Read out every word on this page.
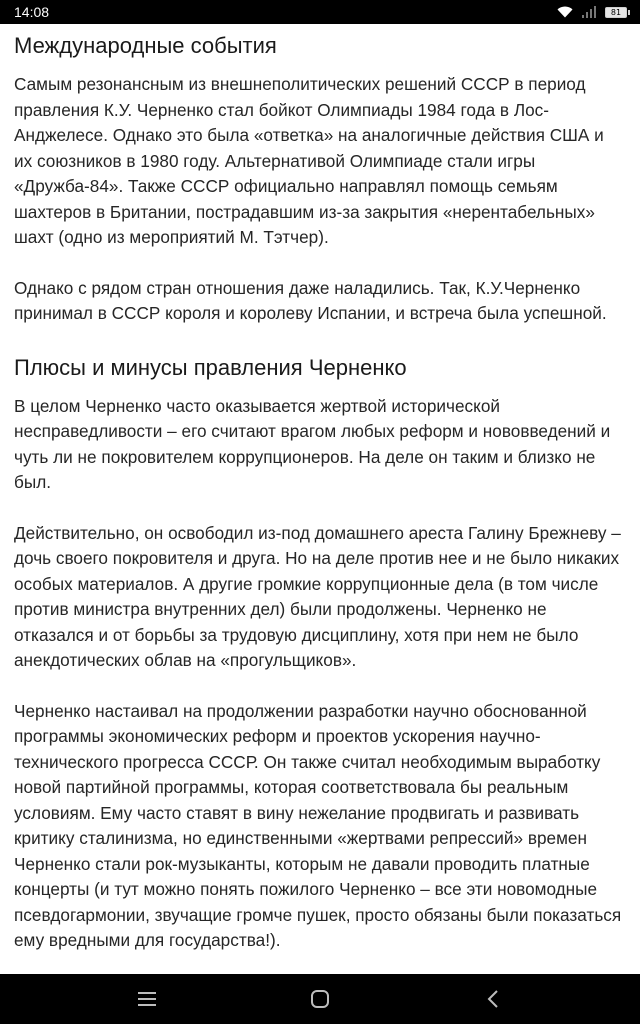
14:08	81
Международные события

Самым резонансным из внешнеполитических решений СССР в период правления К.У. Черненко стал бойкот Олимпиады 1984 года в Лос-Анджелесе. Однако это была «ответка» на аналогичные действия США и их союзников в 1980 году. Альтернативой Олимпиаде стали игры «Дружба-84». Также СССР официально направлял помощь семьям шахтеров в Британии, пострадавшим из-за закрытия «нерентабельных» шахт (одно из мероприятий М. Тэтчер).

Однако с рядом стран отношения даже наладились. Так, К.У.Черненко принимал в СССР короля и королеву Испании, и встреча была успешной.

Плюсы и минусы правления Черненко

В целом Черненко часто оказывается жертвой исторической несправедливости – его считают врагом любых реформ и нововведений и чуть ли не покровителем коррупционеров. На деле он таким и близко не был.

Действительно, он освободил из-под домашнего ареста Галину Брежневу – дочь своего покровителя и друга. Но на деле против нее и не было никаких особых материалов. А другие громкие коррупционные дела (в том числе против министра внутренних дел) были продолжены. Черненко не отказался и от борьбы за трудовую дисциплину, хотя при нем не было анекдотических облав на «прогульщиков».

Черненко настаивал на продолжении разработки научно обоснованной программы экономических реформ и проектов ускорения научно-технического прогресса СССР. Он также считал необходимым выработку новой партийной программы, которая соответствовала бы реальным условиям. Ему часто ставят в вину нежелание продвигать и развивать критику сталинизма, но единственными «жертвами репрессий» времен Черненко стали рок-музыканты, которым не давали проводить платные концерты (и тут можно понять пожилого Черненко – все эти новомодные псевдогармонии, звучащие громче пушек, просто обязаны были показаться ему вредными для государства!).
